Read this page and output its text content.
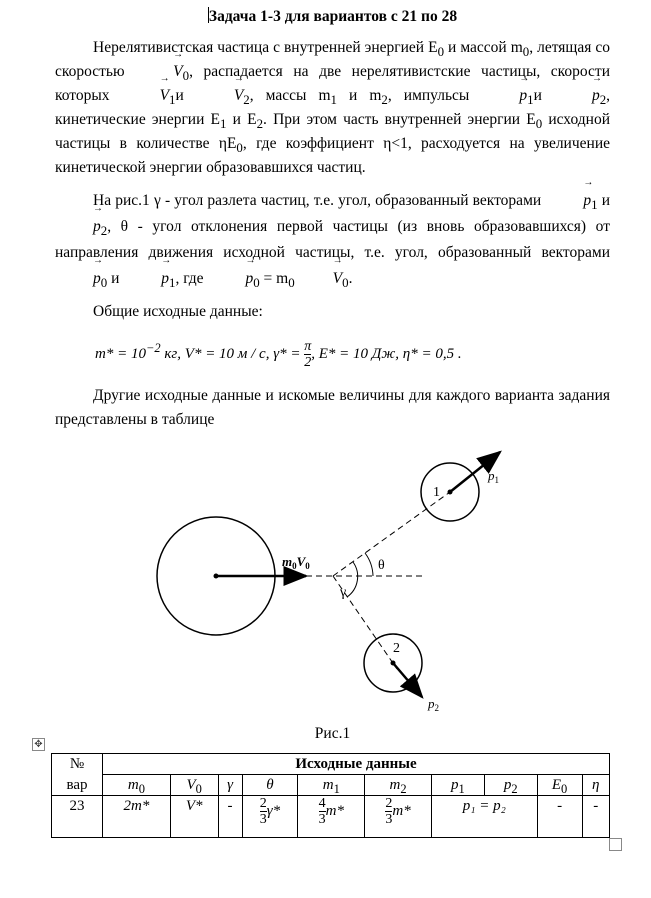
Задача 1-3 для вариантов с 21 по 28

Нерелятивистская частица с внутренней энергией $E_0$ и массой $m_0$, летящая со скоростью → $V_0$, распадается на две нерелятивистские частицы, скорости которых → $V_1и \to V_2$, массы $m_1$ и $m_2$, импульсы → $p_1и \to p_2$, кинетические энергии $E_1$ и $E_2$. При этом часть внутренней энергии $E_0$ исходной частицы в количестве $\eta E_0$, где коэффициент η<1, расходуется на увеличение кинетической энергии образовавшихся частиц.

На рис.1 γ - угол разлета частиц, т.е. угол, образованный векторами → $p_1$ $и \to p_2$, θ - угол отклонения первой частицы (из вновь образовавшихся) от направления движения исходной частицы, т.е. угол, образованный векторами → $p_0$ $и \to p_1$, где → $p_0 = m_0 \to V_0$.

Общие исходные данные:

$m* = 10^{-2}$ кг, V* = 10 м / с, $\gamma* = \frac{\pi}{2}$ , E* = 10 Дж, η* = 0,5 .

Другие исходные данные и искомые величины для каждого варианта задания представлены в таблице

1
2
$p_1$
$p_2$
$m_0V_0$	θ
γ
Рис.1
✥
№	Исходные данные									
вар	$m_0$	$V_0$	γ	θ	$m_1$	$m_2$	$p_1$	$p_2$	$E_0$	η
23	2m*	V*	-	$\frac{2}{3} \gamma*$	$\frac{4}{3} m*$	$\frac{2}{3} m*$	p₁ = p₂		-	-
